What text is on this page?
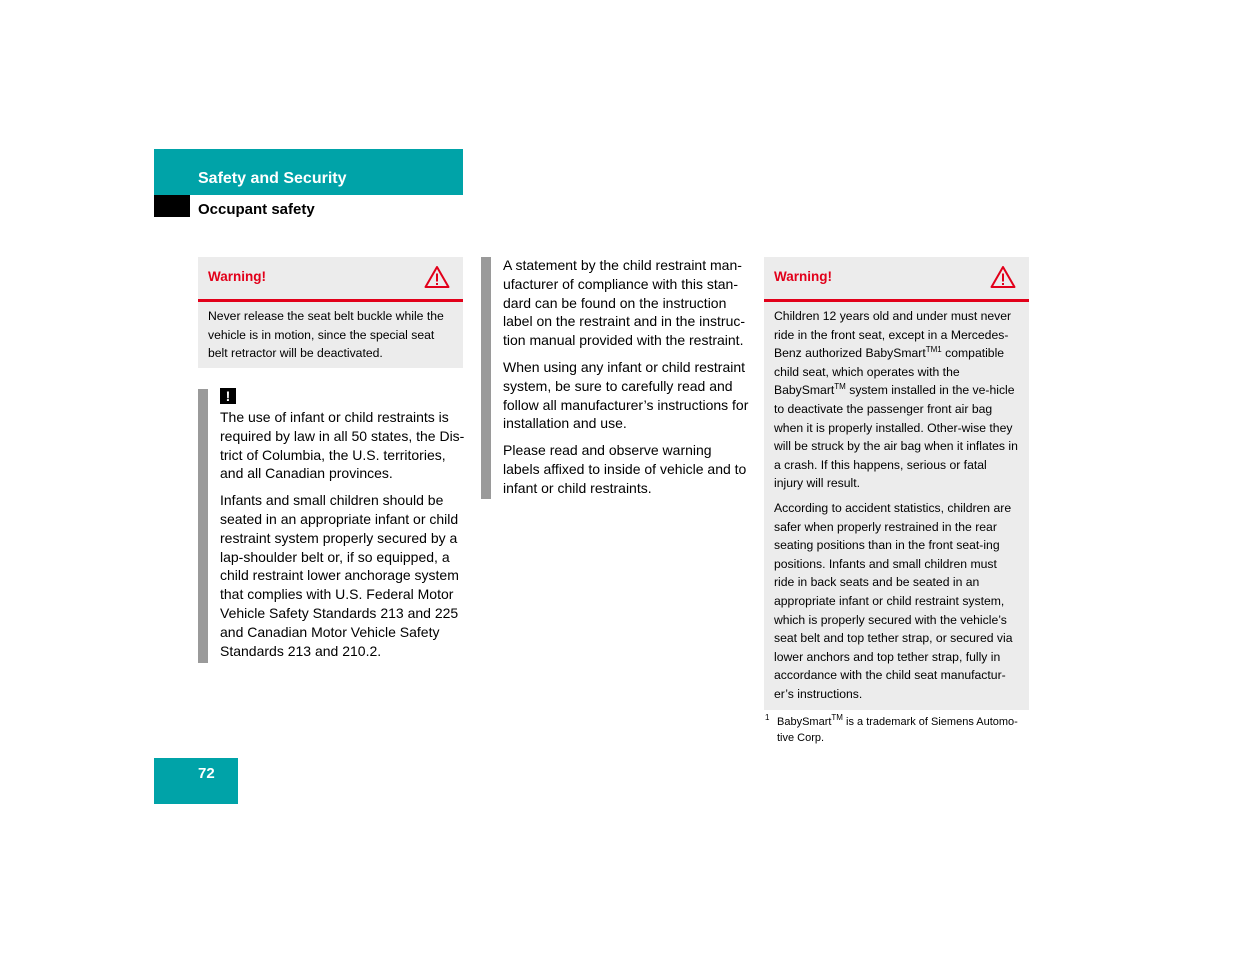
Safety and Security
Occupant safety
Warning!

Never release the seat belt buckle while the vehicle is in motion, since the special seat belt retractor will be deactivated.

!

The use of infant or child restraints is required by law in all 50 states, the Dis-trict of Columbia, the U.S. territories, and all Canadian provinces.

Infants and small children should be seated in an appropriate infant or child restraint system properly secured by a lap-shoulder belt or, if so equipped, a child restraint lower anchorage system that complies with U.S. Federal Motor Vehicle Safety Standards 213 and 225 and Canadian Motor Vehicle Safety Standards 213 and 210.2.

A statement by the child restraint man-ufacturer of compliance with this stan-dard can be found on the instruction label on the restraint and in the instruc-tion manual provided with the restraint.

When using any infant or child restraint system, be sure to carefully read and follow all manufacturer’s instructions for installation and use.

Please read and observe warning labels affixed to inside of vehicle and to infant or child restraints.

Warning!

Children 12 years old and under must never ride in the front seat, except in a Mercedes-Benz authorized BabySmart$^{TM1}$ compatible child seat, which operates with the BabySmart™ system installed in the ve-hicle to deactivate the passenger front air bag when it is properly installed. Other-wise they will be struck by the air bag when it inflates in a crash. If this happens, serious or fatal injury will result.

According to accident statistics, children are safer when properly restrained in the rear seating positions than in the front seat-ing positions. Infants and small children must ride in back seats and be seated in an appropriate infant or child restraint system, which is properly secured with the vehicle’s seat belt and top tether strap, or secured via lower anchors and top tether strap, fully in accordance with the child seat manufactur-er’s instructions.

1 BabySmart™ is a trademark of Siemens Automo-tive Corp.
72
